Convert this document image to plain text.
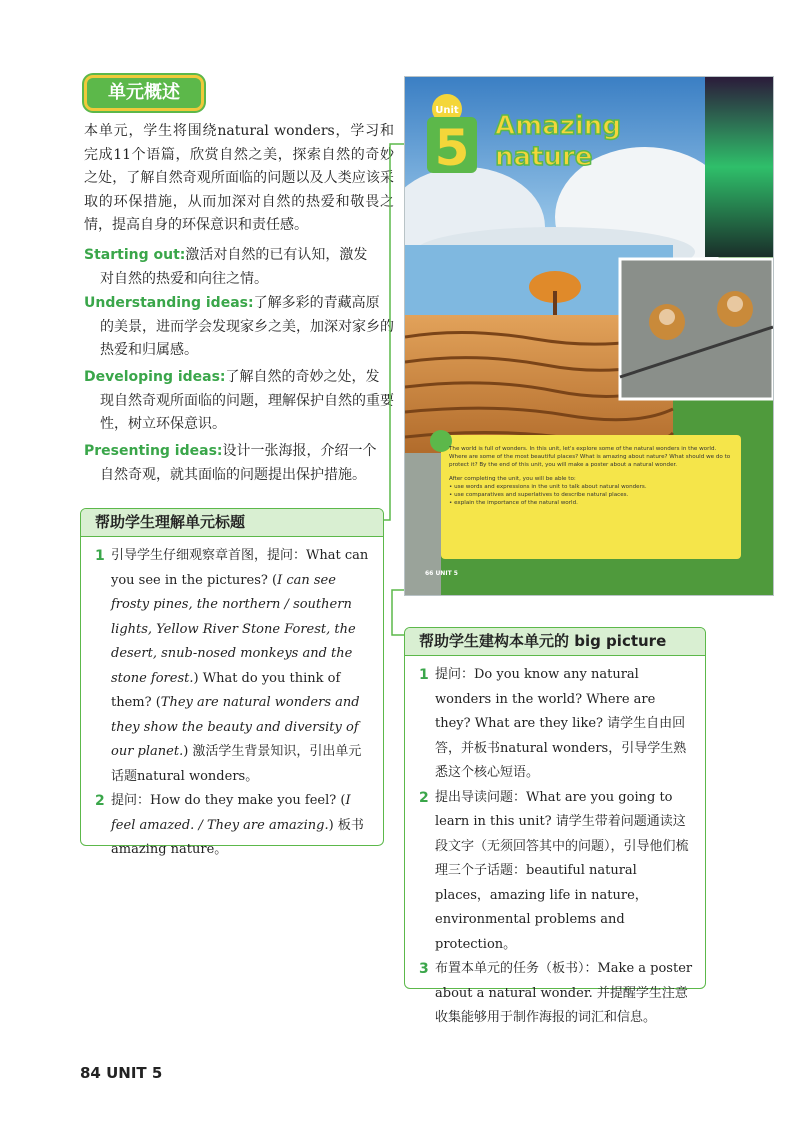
单元概述
本单元，学生将围绕natural wonders，学习和完成11个语篇，欣赏自然之美，探索自然的奇妙之处，了解自然奇观所面临的问题以及人类应该采取的环保措施，从而加深对自然的热爱和敬畏之情，提高自身的环保意识和责任感。
Starting out:激活对自然的已有认知，激发
对自然的热爱和向往之情。
Understanding ideas:了解多彩的青藏高原
的美景，进而学会发现家乡之美，加深对家乡的热爱和归属感。
Developing ideas:了解自然的奇妙之处，发
现自然奇观所面临的问题，理解保护自然的重要性，树立环保意识。
Presenting ideas:设计一张海报，介绍一个
自然奇观，就其面临的问题提出保护措施。
帮助学生理解单元标题
1 引导学生仔细观察章首图，提问：What can you see in the pictures? (I can see frosty pines, the northern / southern lights, Yellow River Stone Forest, the desert, snub-nosed monkeys and the stone forest.) What do you think of them? (They are natural wonders and they show the beauty and diversity of our planet.) 激活学生背景知识，引出单元话题natural wonders。
2 提问：How do they make you feel? (I feel amazed. / They are amazing.) 板书amazing nature。
Unit
5 Amazing
nature
The world is full of wonders. In this unit, let's explore some of the natural wonders in the world. Where are some of the most beautiful places? What is amazing about nature? What should we do to protect it? By the end of this unit, you will make a poster about a natural wonder.
After completing the unit, you will be able to:
• use words and expressions in the unit to talk about natural wonders.
• use comparatives and superlatives to describe natural places.
• explain the importance of the natural world.
66 UNIT 5
帮助学生建构本单元的 big picture
1 提问：Do you know any natural wonders in the world? Where are they? What are they like? 请学生自由回答，并板书natural wonders，引导学生熟悉这个核心短语。
2 提出导读问题：What are you going to learn in this unit? 请学生带着问题通读这段文字（无须回答其中的问题），引导他们梳理三个子话题：beautiful natural places，amazing life in nature，environmental problems and protection。
3 布置本单元的任务（板书）：Make a poster about a natural wonder. 并提醒学生注意收集能够用于制作海报的词汇和信息。
84 UNIT 5
